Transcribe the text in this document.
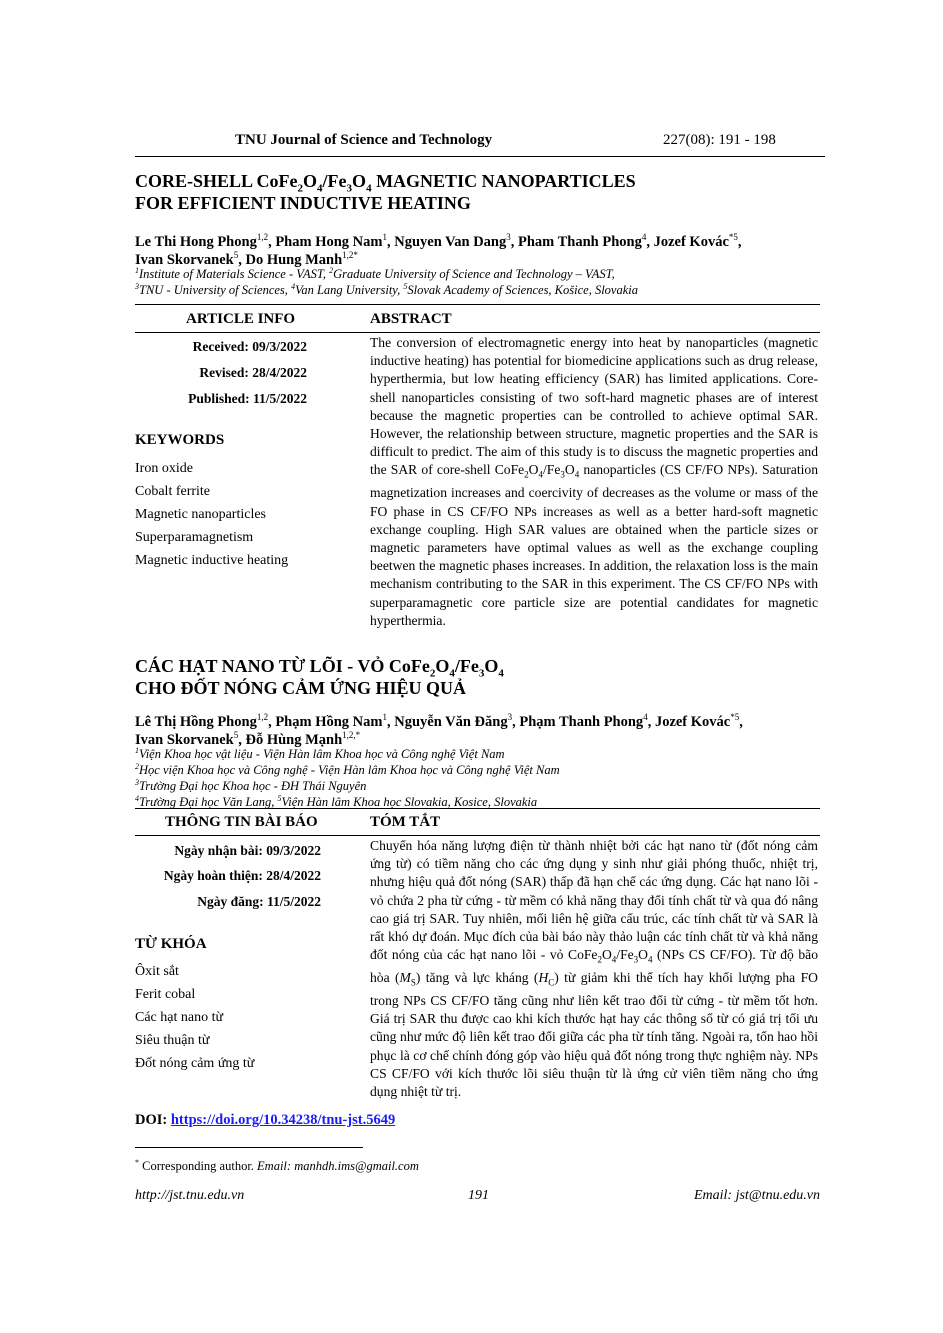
TNU Journal of Science and Technology	227(08): 191 - 198
CORE-SHELL $CoFe_2O_4/Fe_3O_4$ MAGNETIC NANOPARTICLES
FOR EFFICIENT INDUCTIVE HEATING
Le Thi Hong Phong$^{1,2}$, Pham Hong Nam$^1$, Nguyen Van Dang$^3$, Pham Thanh Phong$^4$, Jozef Kovác$^{*5}$,
Ivan Skorvanek$^5$, Do Hung Manh$^{1,2*}$
$^1$Institute of Materials Science - VAST, $^2$Graduate University of Science and Technology – VAST,
$^3$TNU - University of Sciences, $^4$Van Lang University, $^5$Slovak Academy of Sciences, Košice, Slovakia
ARTICLE INFO	ABSTRACT
Received: 09/3/2022
Revised: 28/4/2022
Published: 11/5/2022
KEYWORDS
Iron oxide
Cobalt ferrite
Magnetic nanoparticles
Superparamagnetism
Magnetic inductive heating
The conversion of electromagnetic energy into heat by nanoparticles (magnetic inductive heating) has potential for biomedicine applications such as drug release, hyperthermia, but low heating efficiency (SAR) has limited applications. Core-shell nanoparticles consisting of two soft-hard magnetic phases are of interest because the magnetic properties can be controlled to achieve optimal SAR. However, the relationship between structure, magnetic properties and the SAR is difficult to predict. The aim of this study is to discuss the magnetic properties and the SAR of core-shell $CoFe_2O_4/Fe_3O_4$ nanoparticles (CS CF/FO NPs). Saturation magnetization increases and coercivity of decreases as the volume or mass of the FO phase in CS CF/FO NPs increases as well as a better hard-soft magnetic exchange coupling. High SAR values are obtained when the particle sizes or magnetic parameters have optimal values as well as the exchange coupling beetwen the magnetic phases increases. In addition, the relaxation loss is the main mechanism contributing to the SAR in this experiment. The CS CF/FO NPs with superparamagnetic core particle size are potential candidates for magnetic hyperthermia.
CÁC HẠT NANO TỪ LÕI - VỎ $CoFe_2O_4/Fe_3O_4$
CHO ĐỐT NÓNG CẢM ỨNG HIỆU QUẢ
Lê Thị Hồng Phong$^{1,2}$, Phạm Hồng Nam$^1$, Nguyễn Văn Đăng$^3$, Phạm Thanh Phong$^4$, Jozef Kovác$^{*5}$,
Ivan Skorvanek$^5$, Đỗ Hùng Mạnh$^{1,2,*}$
$^1$Viện Khoa học vật liệu - Viện Hàn lâm Khoa học và Công nghệ Việt Nam
$^2$Học viện Khoa học và Công nghệ - Viện Hàn lâm Khoa học và Công nghệ Việt Nam
$^3$Trường Đại học Khoa học - ĐH Thái Nguyên
$^4$Trường Đại học Văn Lang, $^5$Viện Hàn lâm Khoa học Slovakia, Kosice, Slovakia
THÔNG TIN BÀI BÁO	TÓM TẮT
Ngày nhận bài: 09/3/2022
Ngày hoàn thiện: 28/4/2022
Ngày đăng: 11/5/2022
TỪ KHÓA
Ôxit sắt
Ferit cobal
Các hạt nano từ
Siêu thuận từ
Đốt nóng cảm ứng từ
Chuyển hóa năng lượng điện từ thành nhiệt bởi các hạt nano từ (đốt nóng cảm ứng từ) có tiềm năng cho các ứng dụng y sinh như giải phóng thuốc, nhiệt trị, nhưng hiệu quả đốt nóng (SAR) thấp đã hạn chế các ứng dụng. Các hạt nano lõi - vỏ chứa 2 pha từ cứng - từ mềm có khả năng thay đổi tính chất từ và qua đó nâng cao giá trị SAR. Tuy nhiên, mối liên hệ giữa cấu trúc, các tính chất từ và SAR là rất khó dự đoán. Mục đích của bài báo này thảo luận các tính chất từ và khả năng đốt nóng của các hạt nano lõi - vỏ $CoFe_2O_4/Fe_3O_4$ (NPs CS CF/FO). Từ độ bão hòa $(M_S)$ tăng và lực kháng $(H_C)$ từ giảm khi thể tích hay khối lượng pha FO trong NPs CS CF/FO tăng cũng như liên kết trao đổi từ cứng - từ mềm tốt hơn. Giá trị SAR thu được cao khi kích thước hạt hay các thông số từ có giá trị tối ưu cũng như mức độ liên kết trao đổi giữa các pha từ tính tăng. Ngoài ra, tổn hao hồi phục là cơ chế chính đóng góp vào hiệu quả đốt nóng trong thực nghiệm này. NPs CS CF/FO với kích thước lõi siêu thuận từ là ứng cử viên tiềm năng cho ứng dụng nhiệt từ trị.
DOI: https://doi.org/10.34238/tnu-jst.5649
* Corresponding author. Email: manhdh.ims@gmail.com
http://jst.tnu.edu.vn	191	Email: jst@tnu.edu.vn
